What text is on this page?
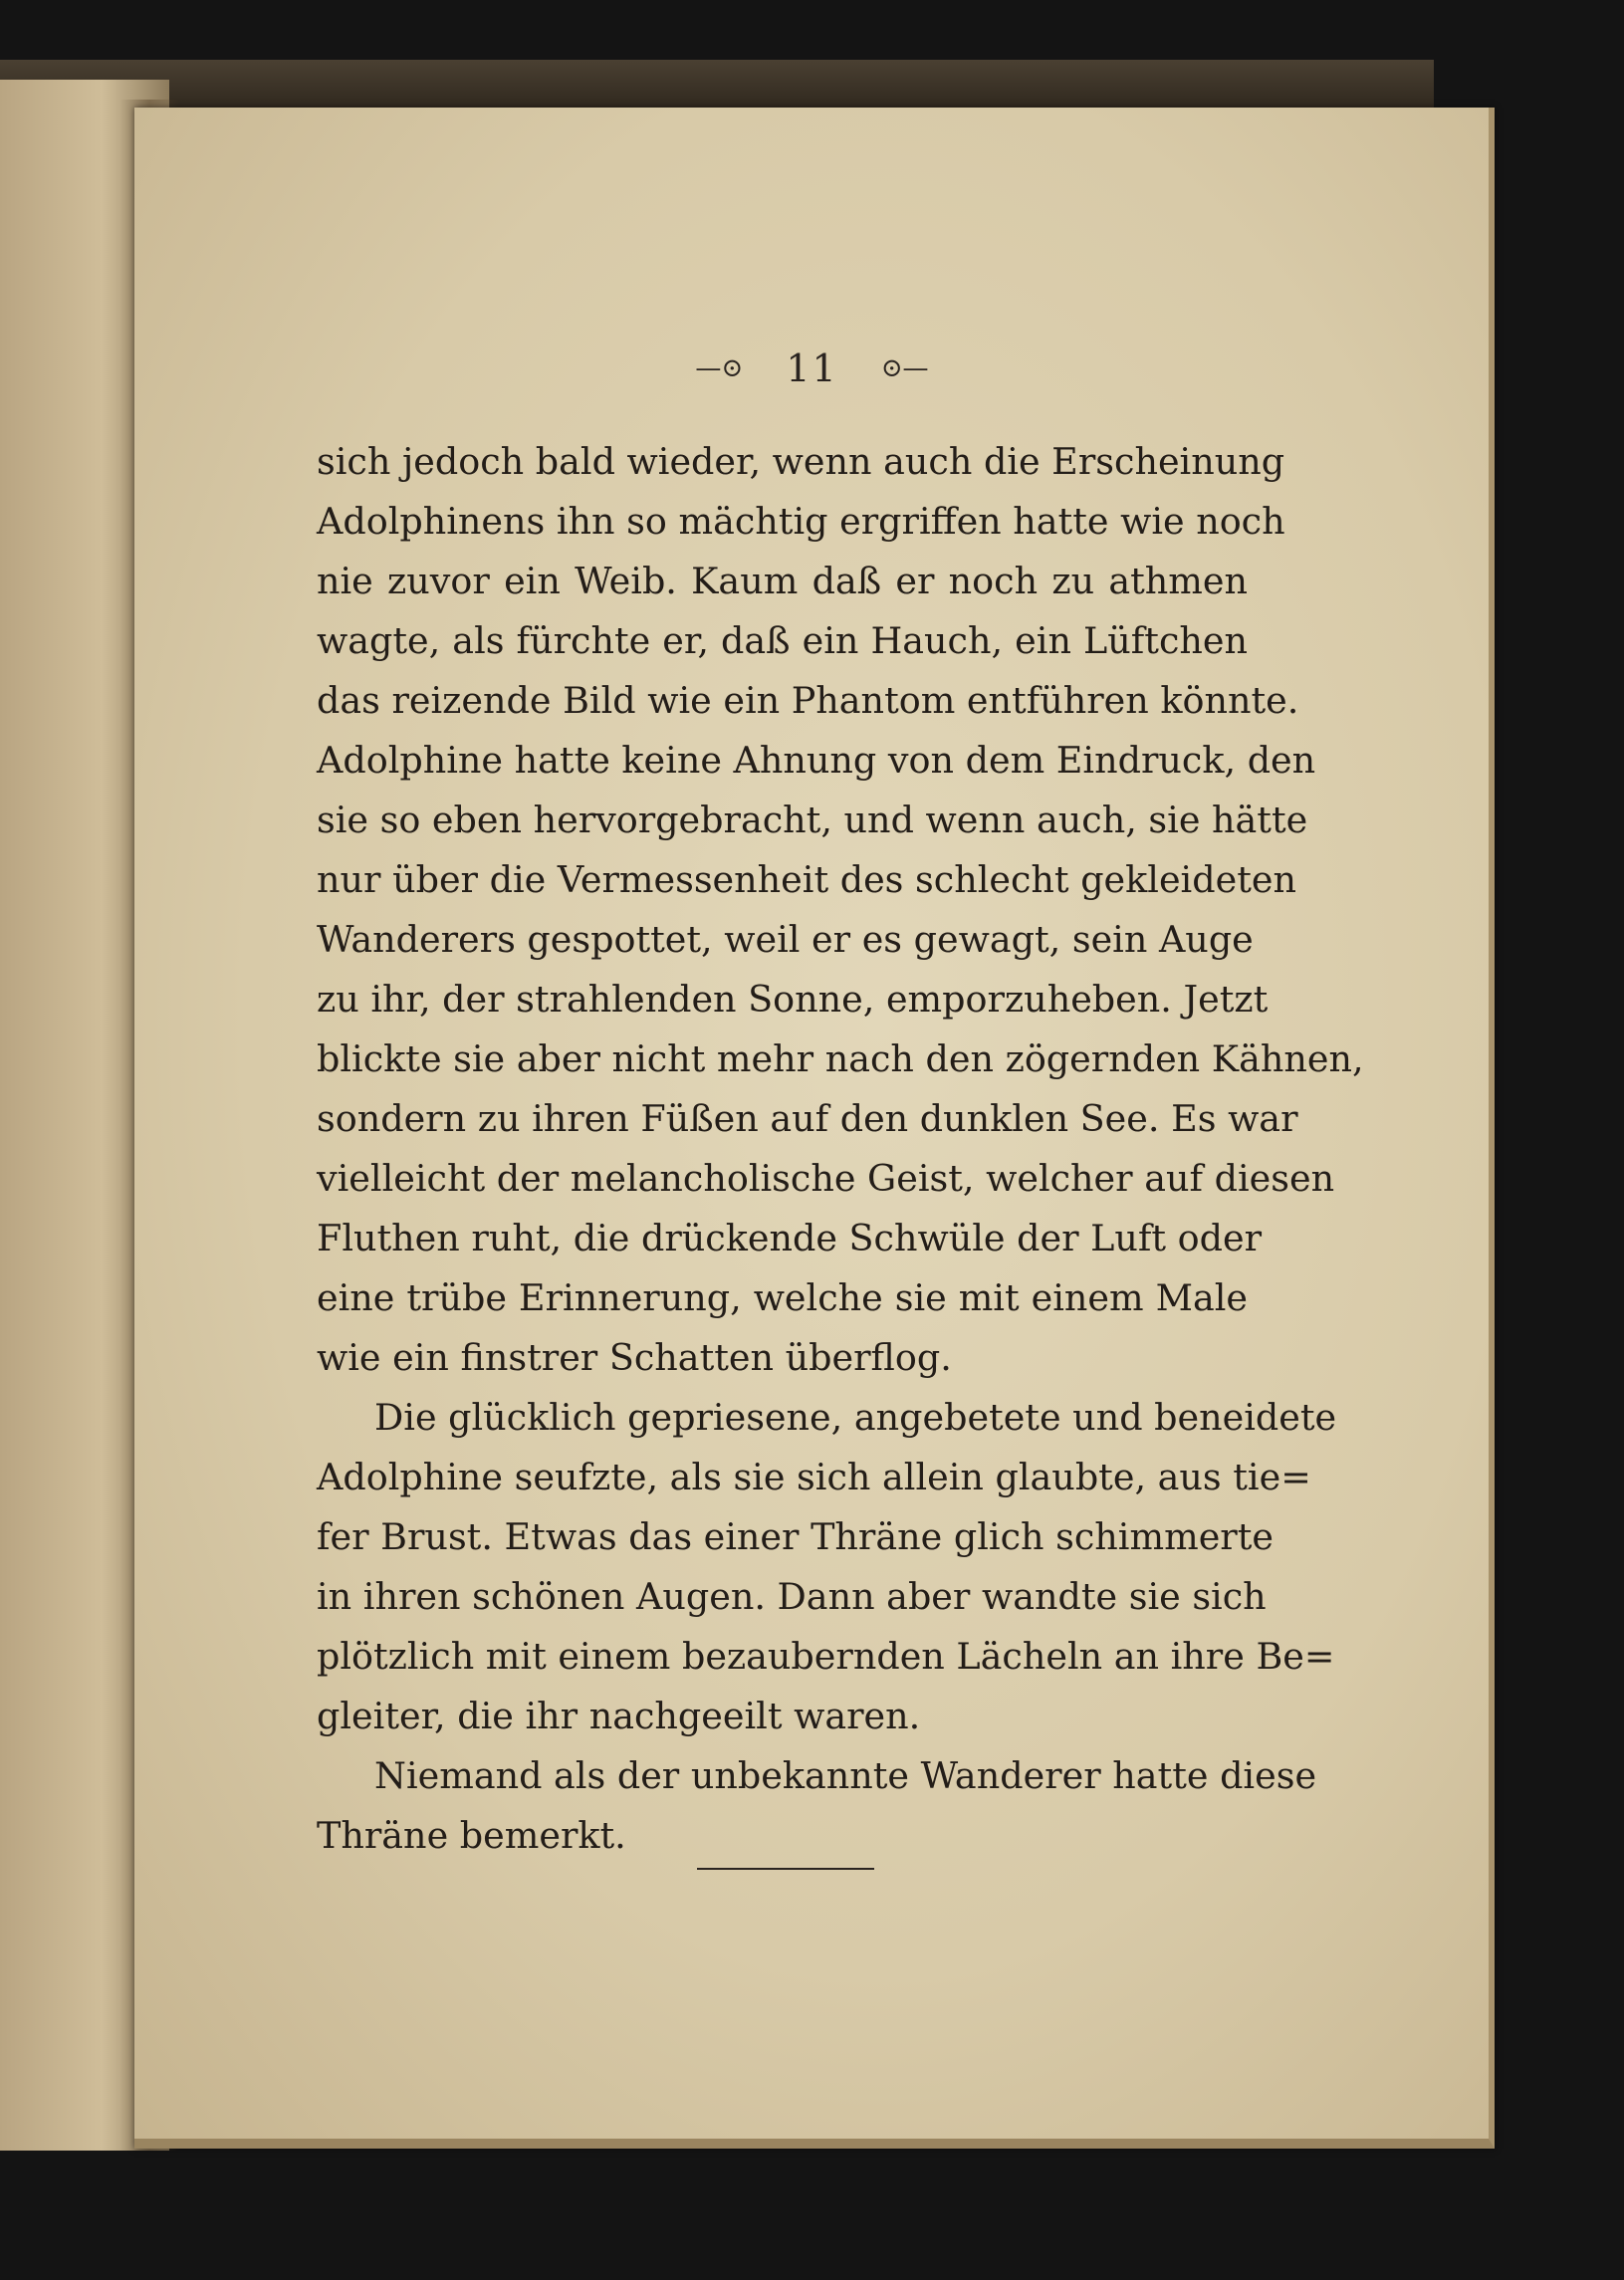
—⊙ 11 ⊙—
sich jedoch bald wieder, wenn auch die Erscheinung
Adolphinens ihn so mächtig ergriffen hatte wie noch
nie zuvor ein Weib. Kaum daß er noch zu athmen
wagte, als fürchte er, daß ein Hauch, ein Lüftchen
das reizende Bild wie ein Phantom entführen könnte.
Adolphine hatte keine Ahnung von dem Eindruck, den
sie so eben hervorgebracht, und wenn auch, sie hätte
nur über die Vermessenheit des schlecht gekleideten
Wanderers gespottet, weil er es gewagt, sein Auge
zu ihr, der strahlenden Sonne, emporzuheben. Jetzt
blickte sie aber nicht mehr nach den zögernden Kähnen,
sondern zu ihren Füßen auf den dunklen See. Es war
vielleicht der melancholische Geist, welcher auf diesen
Fluthen ruht, die drückende Schwüle der Luft oder
eine trübe Erinnerung, welche sie mit einem Male
wie ein finstrer Schatten überflog.
Die glücklich gepriesene, angebetete und beneidete
Adolphine seufzte, als sie sich allein glaubte, aus tie=
fer Brust. Etwas das einer Thräne glich schimmerte
in ihren schönen Augen. Dann aber wandte sie sich
plötzlich mit einem bezaubernden Lächeln an ihre Be=
gleiter, die ihr nachgeeilt waren.
Niemand als der unbekannte Wanderer hatte diese
Thräne bemerkt.
